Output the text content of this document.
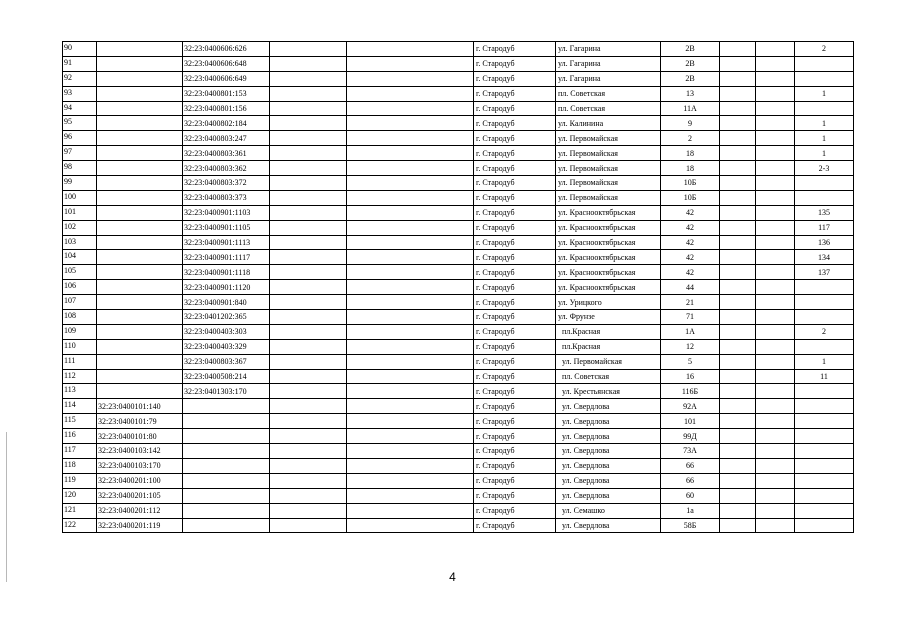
90		32:23:0400606:626			г. Стародуб	ул. Гагарина	2В			2
91		32:23:0400606:648			г. Стародуб	ул. Гагарина	2В			
92		32:23:0400606:649			г. Стародуб	ул. Гагарина	2В			
93		32:23:0400801:153			г. Стародуб	пл. Советская	13			1
94		32:23:0400801:156			г. Стародуб	пл. Советская	11А			
95		32:23:0400802:184			г. Стародуб	ул. Калинина	9			1
96		32:23:0400803:247			г. Стародуб	ул. Первомайская	2			1
97		32:23:0400803:361			г. Стародуб	ул. Первомайская	18			1
98		32:23:0400803:362			г. Стародуб	ул. Первомайская	18			2-3
99		32:23:0400803:372			г. Стародуб	ул. Первомайская	10Б			
100		32:23:0400803:373			г. Стародуб	ул. Первомайская	10Б			
101		32:23:0400901:1103			г. Стародуб	ул. Краснооктябрьская	42			135
102		32:23:0400901:1105			г. Стародуб	ул. Краснооктябрьская	42			117
103		32:23:0400901:1113			г. Стародуб	ул. Краснооктябрьская	42			136
104		32:23:0400901:1117			г. Стародуб	ул. Краснооктябрьская	42			134
105		32:23:0400901:1118			г. Стародуб	ул. Краснооктябрьская	42			137
106		32:23:0400901:1120			г. Стародуб	ул. Краснооктябрьская	44			
107		32:23:0400901:840			г. Стародуб	ул. Урицкого	21			
108		32:23:0401202:365			г. Стародуб	ул. Фрунзе	71			
109		32:23:0400403:303			г. Стародуб	пл.Красная	1А			2
110		32:23:0400403:329			г. Стародуб	пл.Красная	12			
111		32:23:0400803:367			г. Стародуб	ул. Первомайская	5			1
112		32:23:0400508:214			г. Стародуб	пл. Советская	16			11
113		32:23:0401303:170			г. Стародуб	ул. Крестьянская	116Б			
114	32:23:0400101:140				г. Стародуб	ул. Свердлова	92А			
115	32:23:0400101:79				г. Стародуб	ул. Свердлова	101			
116	32:23:0400101:80				г. Стародуб	ул. Свердлова	99Д			
117	32:23:0400103:142				г. Стародуб	ул. Свердлова	73А			
118	32:23:0400103:170				г. Стародуб	ул. Свердлова	66			
119	32:23:0400201:100				г. Стародуб	ул. Свердлова	66			
120	32:23:0400201:105				г. Стародуб	ул. Свердлова	60			
121	32:23:0400201:112				г. Стародуб	ул. Семашко	1а			
122	32:23:0400201:119				г. Стародуб	ул. Свердлова	58Б			
4
